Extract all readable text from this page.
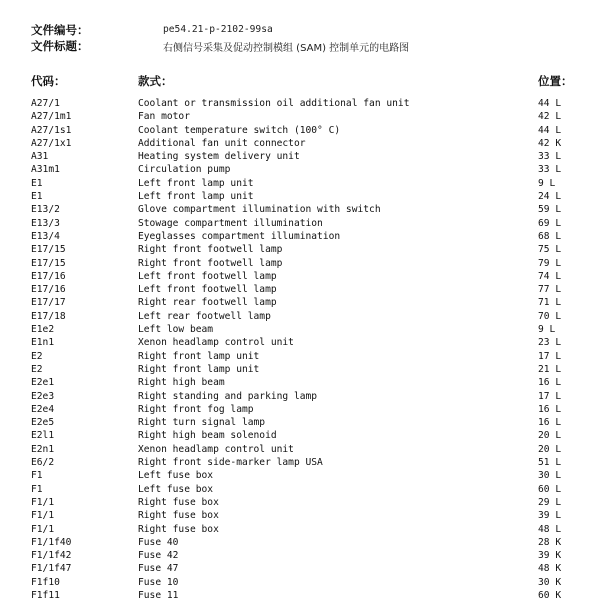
文件编号：	pe54.21-p-2102-99sa
文件标题：	右侧信号采集及促动控制模组 (SAM) 控制单元的电路图
代码：	款式：	位置：
A27/1	Coolant or transmission oil additional fan unit	44 L
A27/1m1	Fan motor	42 L
A27/1s1	Coolant temperature switch (100° C)	44 L
A27/1x1	Additional fan unit connector	42 K
A31	Heating system delivery unit	33 L
A31m1	Circulation pump	33 L
E1	Left front lamp unit	9 L
E1	Left front lamp unit	24 L
E13/2	Glove compartment illumination with switch	59 L
E13/3	Stowage compartment illumination	69 L
E13/4	Eyeglasses compartment illumination	68 L
E17/15	Right front footwell lamp	75 L
E17/15	Right front footwell lamp	79 L
E17/16	Left front footwell lamp	74 L
E17/16	Left front footwell lamp	77 L
E17/17	Right rear footwell lamp	71 L
E17/18	Left rear footwell lamp	70 L
E1e2	Left low beam	9 L
E1n1	Xenon headlamp control unit	23 L
E2	Right front lamp unit	17 L
E2	Right front lamp unit	21 L
E2e1	Right high beam	16 L
E2e3	Right standing and parking lamp	17 L
E2e4	Right front fog lamp	16 L
E2e5	Right turn signal lamp	16 L
E2l1	Right high beam solenoid	20 L
E2n1	Xenon headlamp control unit	20 L
E6/2	Right front side-marker lamp USA	51 L
F1	Left fuse box	30 L
F1	Left fuse box	60 L
F1/1	Right fuse box	29 L
F1/1	Right fuse box	39 L
F1/1	Right fuse box	48 L
F1/1f40	Fuse 40	28 K
F1/1f42	Fuse 42	39 K
F1/1f47	Fuse 47	48 K
F1f10	Fuse 10	30 K
F1f11	Fuse 11	60 K
